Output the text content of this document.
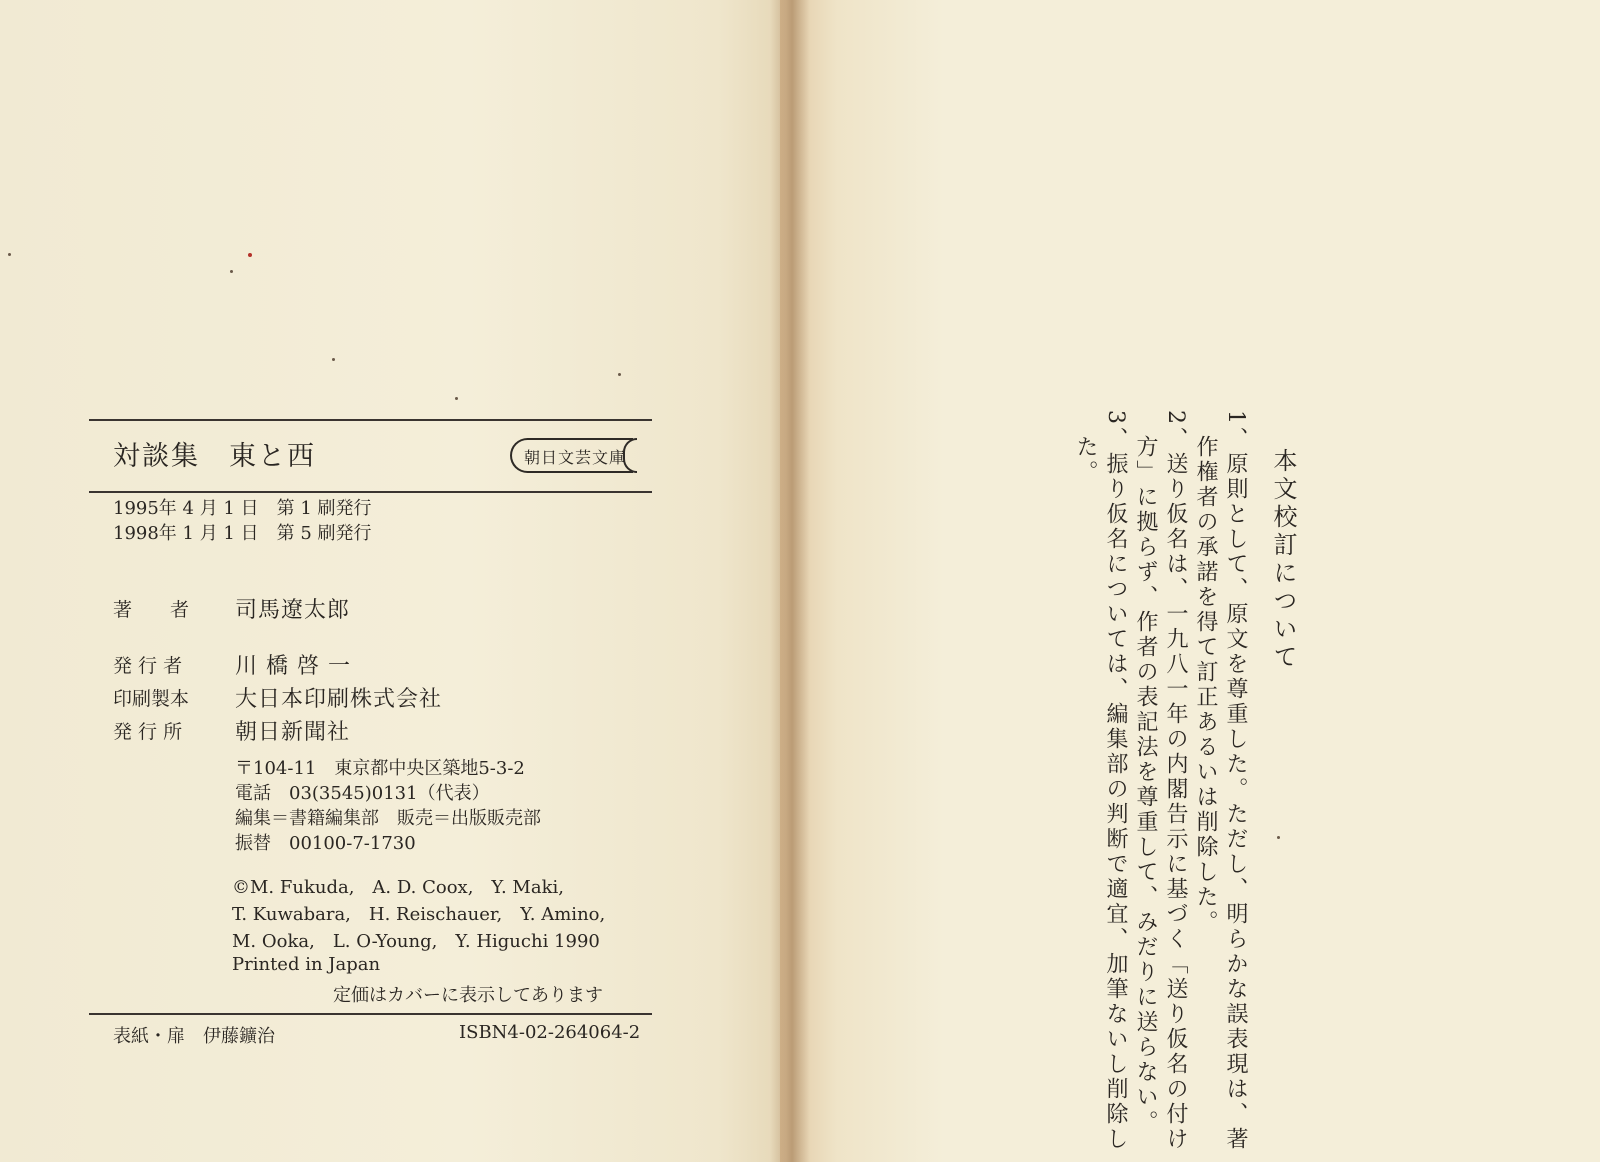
対談集　東と西	朝日文芸文庫
1995年 4 月 1 日　第 1 刷発行
1998年 1 月 1 日　第 5 刷発行
著　　者 司馬遼太郎
発 行 者 川 橋 啓 一
印刷製本 大日本印刷株式会社
発 行 所 朝日新聞社
〒104-11　東京都中央区築地5-3-2
電話　03(3545)0131（代表）
編集＝書籍編集部　販売＝出版販売部
振替　00100-7-1730
©M. Fukuda,　A. D. Coox,　Y. Maki,
T. Kuwabara,　H. Reischauer,　Y. Amino,
M. Ooka,　L. O-Young,　Y. Higuchi 1990
Printed in Japan
定価はカバーに表示してあります
表紙・扉　伊藤鑛治	ISBN4-02-264064-2
本文校訂について
1、原則として、原文を尊重した。ただし、明らかな誤表現は、著
　作権者の承諾を得て訂正あるいは削除した。
2、送り仮名は、一九八一年の内閣告示に基づく「送り仮名の付け
　方」に拠らず、作者の表記法を尊重して、みだりに送らない。
3、振り仮名については、編集部の判断で適宜、加筆ないし削除し
　た。
